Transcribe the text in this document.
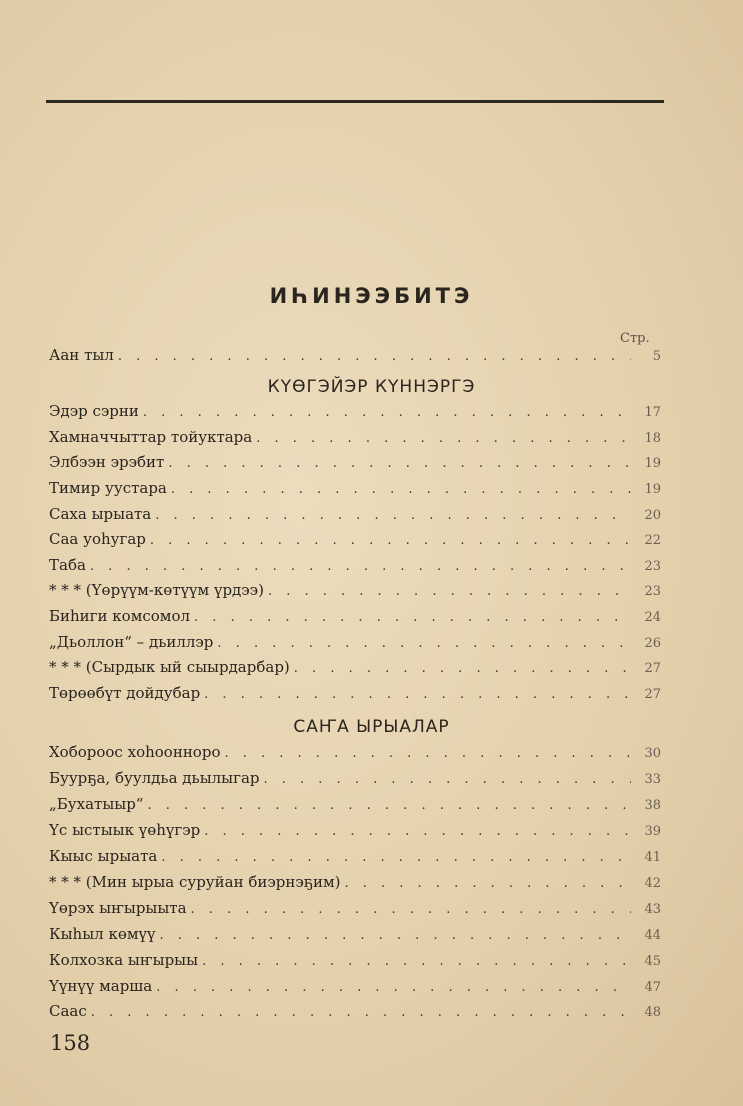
ИҺИНЭЭБИТЭ
Стр.
Аан тыл . . .	5
КҮӨГЭЙЭР КҮННЭРГЭ
Эдэр сэрни . . .	17
Хамначчыттар тойуктара . . .	18
Элбээн эрэбит . . .	19
Тимир уустара . . .	19
Саха ырыата . . .	20
Саа уоһугар . . .	22
Таба . . .	23
* * * (Үөрүүм-көтүүм үрдээ) . . .	23
Биһиги комсомол . . .	24
„Дьоллон“ – дьиллэр . . .	26
* * * (Сырдык ый сыырдарбар) . . .	27
Төрөөбүт дойдубар . . .	27
САҤА ЫРЫАЛАР
Хобороос хоһооннoро . . .	30
Буурҕа, буулдьа дьылыгар . . .	33
„Бухатыыр“ . . .	38
Үс ыстыык үөһүгэр . . .	39
Кыыс ырыата . . .	41
* * * (Мин ырыа суруйан биэрнэҕим) . . .	42
Үөрэх ыҥырыыта . . .	43
Кыһыл көмүү . . .	44
Колхозка ыҥырыы . . .	45
Үүнүү марша . . .	47
Саас . . .	48
158
